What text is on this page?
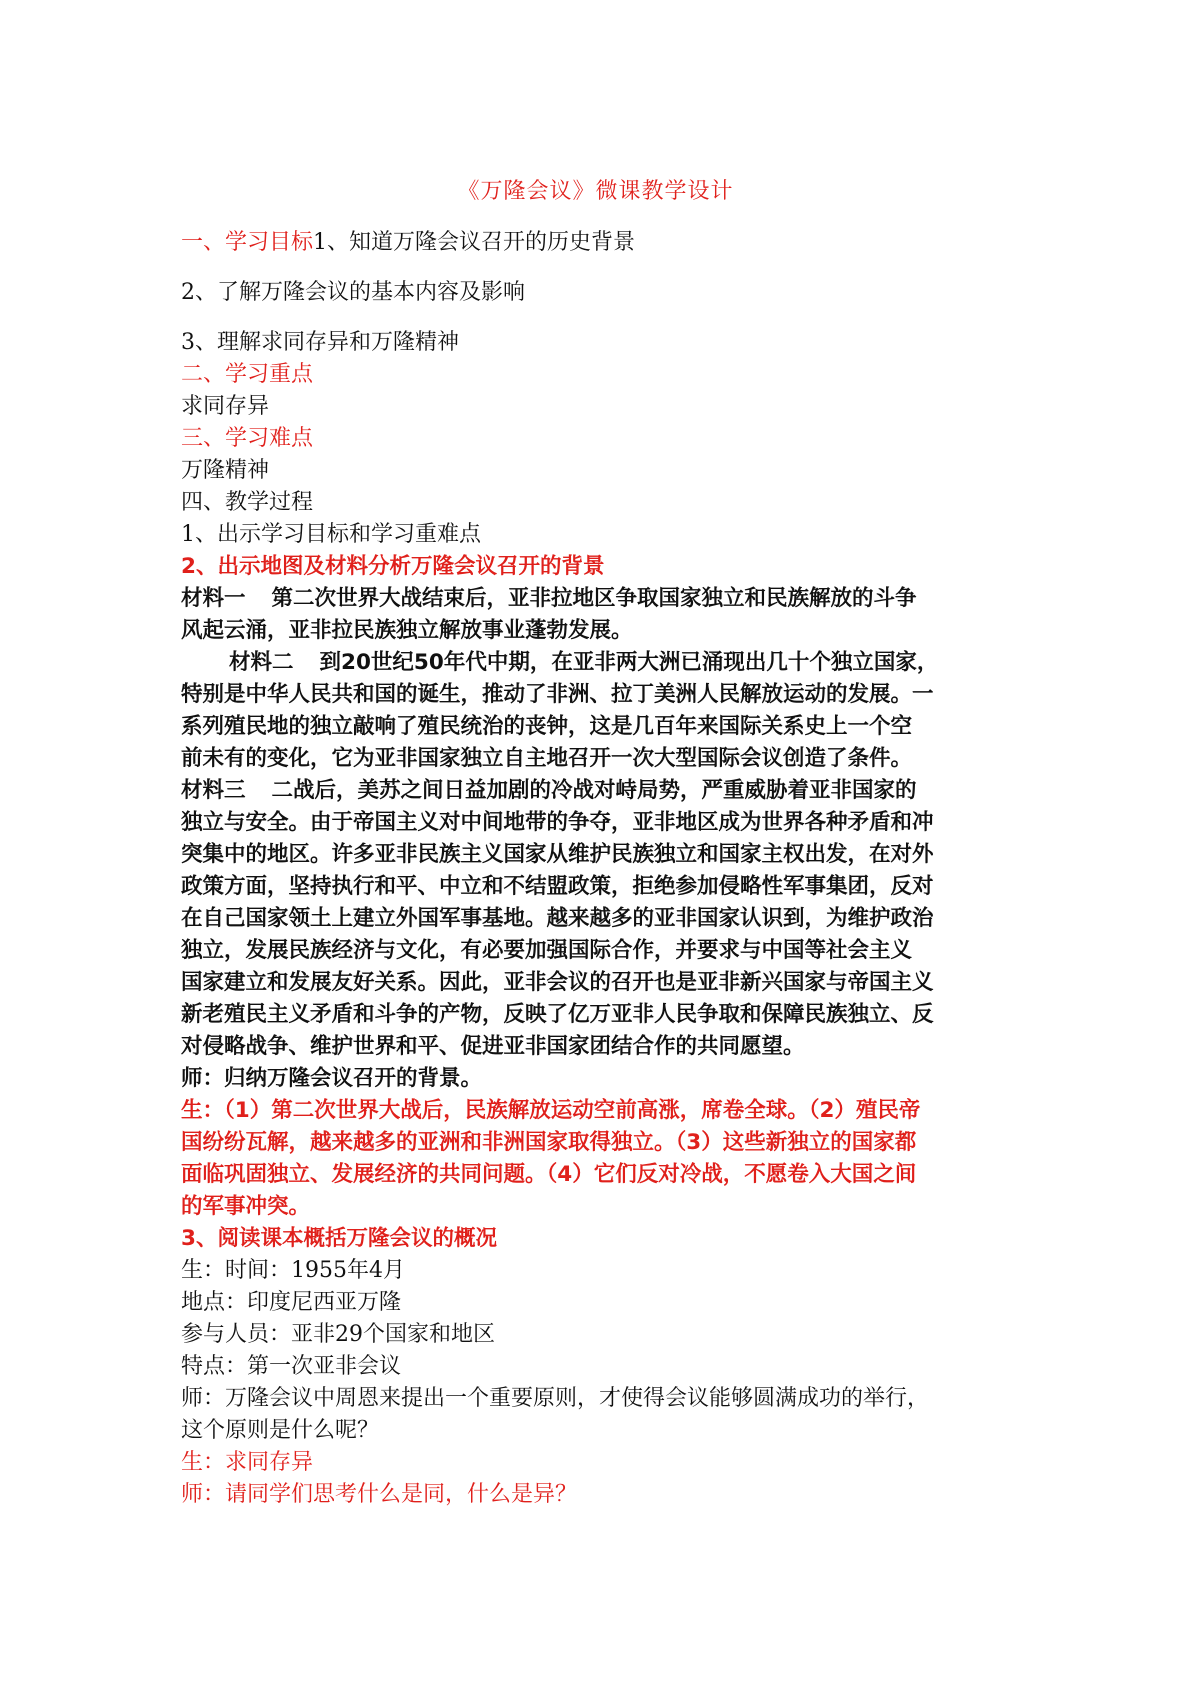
《万隆会议》微课教学设计
一、学习目标1、知道万隆会议召开的历史背景
2、了解万隆会议的基本内容及影响
3、理解求同存异和万隆精神
二、学习重点
求同存异
三、学习难点
万隆精神
四、教学过程
1、出示学习目标和学习重难点
2、出示地图及材料分析万隆会议召开的背景
材料一 第二次世界大战结束后，亚非拉地区争取国家独立和民族解放的斗争
风起云涌，亚非拉民族独立解放事业蓬勃发展。
材料二 到20世纪50年代中期，在亚非两大洲已涌现出几十个独立国家，
特别是中华人民共和国的诞生，推动了非洲、拉丁美洲人民解放运动的发展。一
系列殖民地的独立敲响了殖民统治的丧钟，这是几百年来国际关系史上一个空
前未有的变化，它为亚非国家独立自主地召开一次大型国际会议创造了条件。
材料三 二战后，美苏之间日益加剧的冷战对峙局势，严重威胁着亚非国家的
独立与安全。由于帝国主义对中间地带的争夺，亚非地区成为世界各种矛盾和冲
突集中的地区。许多亚非民族主义国家从维护民族独立和国家主权出发，在对外
政策方面，坚持执行和平、中立和不结盟政策，拒绝参加侵略性军事集团，反对
在自己国家领土上建立外国军事基地。越来越多的亚非国家认识到，为维护政治
独立，发展民族经济与文化，有必要加强国际合作，并要求与中国等社会主义
国家建立和发展友好关系。因此，亚非会议的召开也是亚非新兴国家与帝国主义
新老殖民主义矛盾和斗争的产物，反映了亿万亚非人民争取和保障民族独立、反
对侵略战争、维护世界和平、促进亚非国家团结合作的共同愿望。
师：归纳万隆会议召开的背景。
生：（1）第二次世界大战后，民族解放运动空前高涨，席卷全球。（2）殖民帝
国纷纷瓦解，越来越多的亚洲和非洲国家取得独立。（3）这些新独立的国家都
面临巩固独立、发展经济的共同问题。（4）它们反对冷战，不愿卷入大国之间
的军事冲突。
3、阅读课本概括万隆会议的概况
生：时间：1955年4月
地点：印度尼西亚万隆
参与人员：亚非29个国家和地区
特点：第一次亚非会议
师：万隆会议中周恩来提出一个重要原则，才使得会议能够圆满成功的举行，
这个原则是什么呢？
生：求同存异
师：请同学们思考什么是同，什么是异？
